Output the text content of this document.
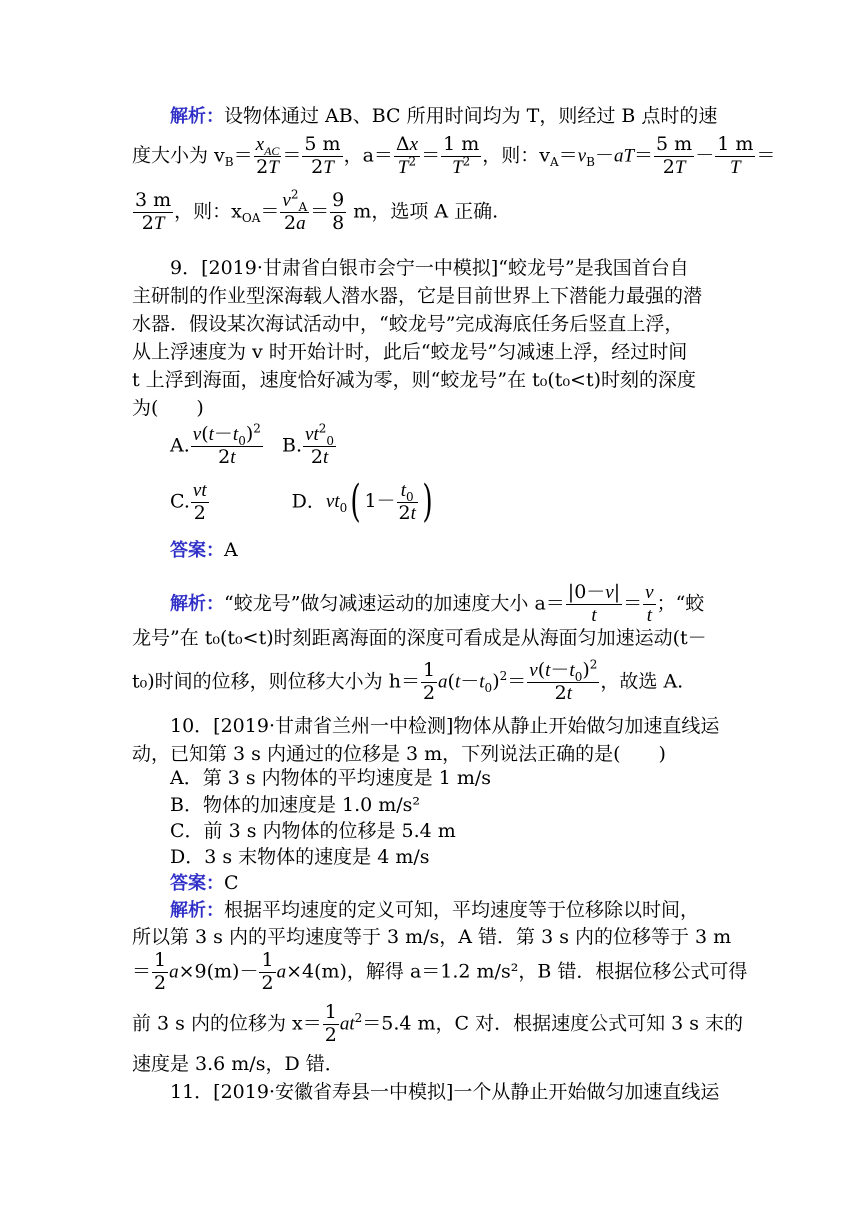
解析：设物体通过 AB、BC 所用时间均为 T，则经过 B 点时的速
度大小为 $v_B= x_{AC}$
2T
＝ $\frac{5 m}{2T}$ ，$a= \frac{\Delta x}{T^2} = \frac{1 m}{T^2}$ ，则：$v_A=v_B-aT= \frac{5 m}{2T} - \frac{1 m}{T}$ ＝
$\frac{3 m}{2T}$ ，则：$x_{OA}= \frac{v^2_A}{2a} = \frac{9}{8}$ m，选项 A 正确.
9．[2019·甘肃省白银市会宁一中模拟]“蛟龙号”是我国首台自
主研制的作业型深海载人潜水器，它是目前世界上下潜能力最强的潜
水器．假设某次海试活动中，“蛟龙号”完成海底任务后竖直上浮，
从上浮速度为 v 时开始计时，此后“蛟龙号”匀减速上浮，经过时间
t 上浮到海面，速度恰好减为零，则“蛟龙号”在 t₀(t₀<t)时刻的深度
为(　　)
A. $\frac{v(t-t_0)^2}{2t} B$. $\frac{vt^2_0}{2t}$
C. $\frac{vt}{2}$	D．$vt_0$( $1- \frac{t_0}{2t}$ )
答案：A
解析：“蛟龙号”做匀减速运动的加速度大小 $a= \frac{|0-v|}{t} = \frac{v}{t}$ ；“蛟
龙号”在 t₀(t₀<t)时刻距离海面的深度可看成是从海面匀加速运动(t－
t₀)时间的位移，则位移大小为 $h= \frac{1}{2} a(t-t_0)^2= \frac{v(t-t_0)^2}{2t}$ ，故选 A.
10．[2019·甘肃省兰州一中检测]物体从静止开始做匀加速直线运
动，已知第 3 s 内通过的位移是 3 m，下列说法正确的是(　　)
A．第 3 s 内物体的平均速度是 1 m/s
B．物体的加速度是 1.0 m/s²
C．前 3 s 内物体的位移是 5.4 m
D．3 s 末物体的速度是 4 m/s
答案：C
解析：根据平均速度的定义可知，平均速度等于位移除以时间，
所以第 3 s 内的平均速度等于 3 m/s，A 错．第 3 s 内的位移等于 3 m
＝ $\frac{1}{2} a\times 9(m)- \frac{1}{2} a\times 4(m)$，解得 a＝1.2 m/s²，B 错．根据位移公式可得
前 3 s 内的位移为 $x= \frac{1}{2} at^2=5.4$ m，C 对．根据速度公式可知 3 s 末的
速度是 3.6 m/s，D 错．
11．[2019·安徽省寿县一中模拟]一个从静止开始做匀加速直线运
